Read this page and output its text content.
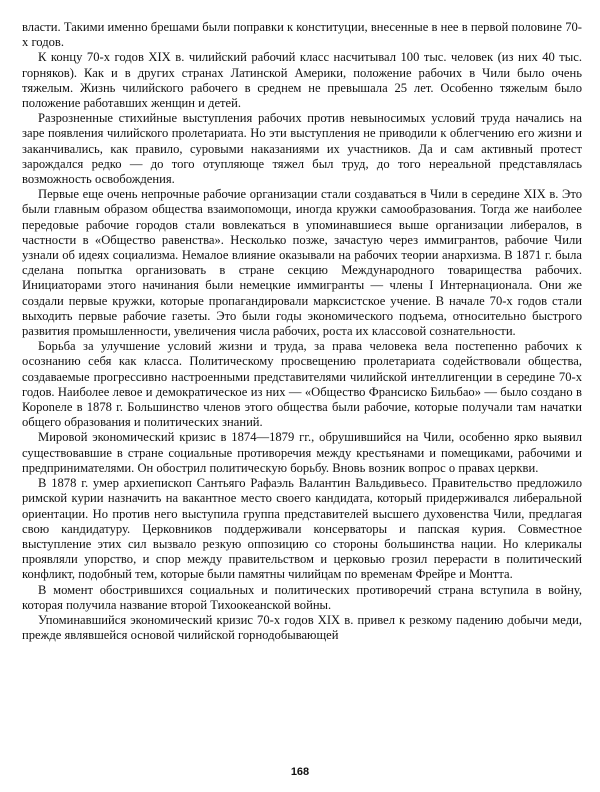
власти. Такими именно брешами были поправки к конституции, внесенные в нее в первой половине 70-х годов.

К концу 70-х годов XIX в. чилийский рабочий класс насчитывал 100 тыс. человек (из них 40 тыс. горняков). Как и в других странах Латинской Америки, положение рабочих в Чили было очень тяжелым. Жизнь чилийского рабочего в среднем не превышала 25 лет. Особенно тяжелым было положение работавших женщин и детей.

Разрозненные стихийные выступления рабочих против невыносимых условий труда начались на заре появления чилийского пролетариата. Но эти выступления не приводили к облегчению его жизни и заканчивались, как правило, суровыми наказаниями их участников. Да и сам активный протест зарождался редко — до того отупляюще тяжел был труд, до того нереальной представлялась возможность освобождения.

Первые еще очень непрочные рабочие организации стали создаваться в Чили в середине XIX в. Это были главным образом общества взаимопомощи, иногда кружки самообразования. Тогда же наиболее передовые рабочие городов стали вовлекаться в упоминавшиеся выше организации либералов, в частности в «Общество равенства». Несколько позже, зачастую через иммигрантов, рабочие Чили узнали об идеях социализма. Немалое влияние оказывали на рабочих теории анархизма. В 1871 г. была сделана попытка организовать в стране секцию Международного товарищества рабочих. Инициаторами этого начинания были немецкие иммигранты — члены I Интернационала. Они же создали первые кружки, которые пропагандировали марксистское учение. В начале 70-х годов стали выходить первые рабочие газеты. Это были годы экономического подъема, относительно быстрого развития промышленности, увеличения числа рабочих, роста их классовой сознательности.

Борьба за улучшение условий жизни и труда, за права человека вела постепенно рабочих к осознанию себя как класса. Политическому просвещению пролетариата содействовали общества, создаваемые прогрессивно настроенными представителями чилийской интеллигенции в середине 70-х годов. Наиболее левое и демократическое из них — «Общество Франсиско Бильбао» — было создано в Короneле в 1878 г. Большинство членов этого общества были рабочие, которые получали там начатки общего образования и политических знаний.

Мировой экономический кризис в 1874—1879 гг., обрушившийся на Чили, особенно ярко выявил существовавшие в стране социальные противоречия между крестьянами и помещиками, рабочими и предпринимателями. Он обострил политическую борьбу. Вновь возник вопрос о правах церкви.

В 1878 г. умер архиепископ Сантьяго Рафаэль Валантин Вальдивьесо. Правительство предложило римской курии назначить на вакантное место своего кандидата, который придерживался либеральной ориентации. Но против него выступила группа представителей высшего духовенства Чили, предлагая свою кандидатуру. Церковников поддерживали консерваторы и папская курия. Совместное выступление этих сил вызвало резкую оппозицию со стороны большинства нации. Но клерикалы проявляли упорство, и спор между правительством и церковью грозил перерасти в политический конфликт, подобный тем, которые были памятны чилийцам по временам Фрейре и Монтта.

В момент обострившихся социальных и политических противоречий страна вступила в войну, которая получила название второй Тихоокеанской войны.

Упоминавшийся экономический кризис 70-х годов XIX в. привел к резкому падению добычи меди, прежде являвшейся основой чилийской горнодобывающей

168
